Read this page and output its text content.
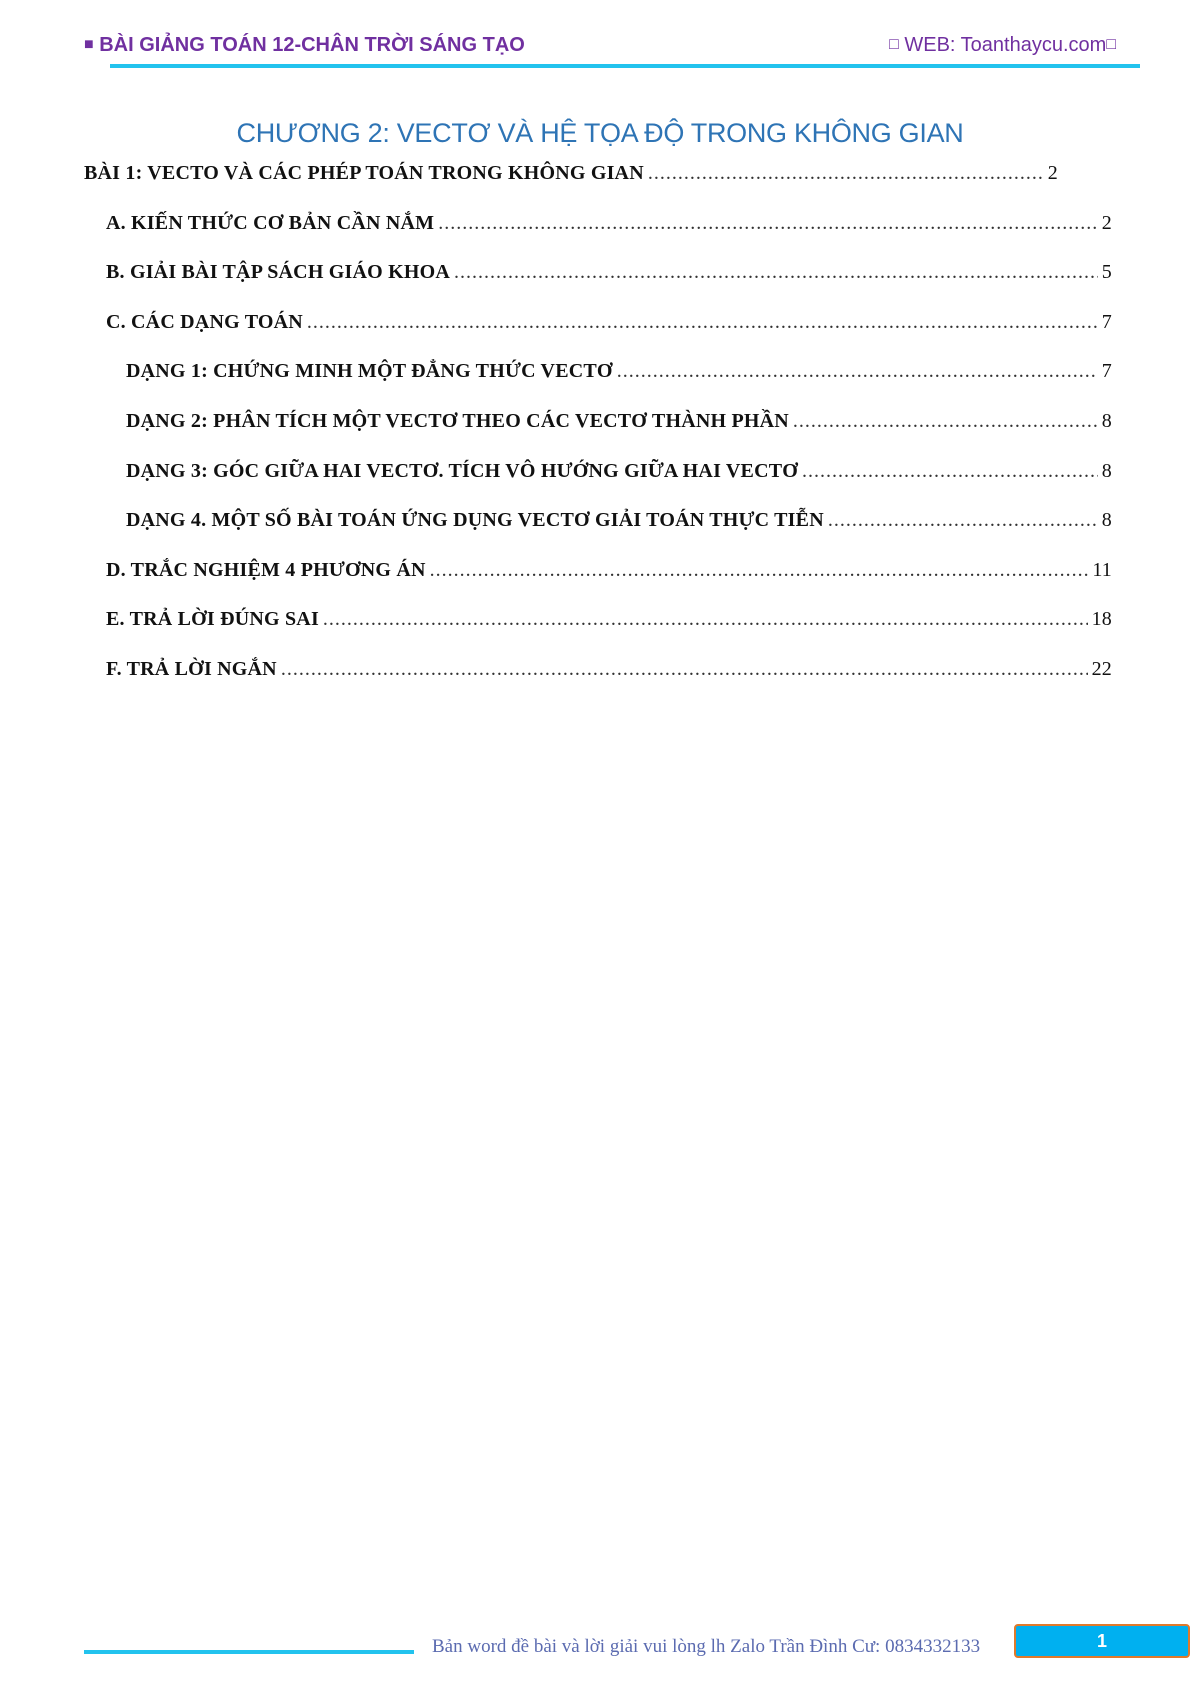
■ BÀI GIẢNG TOÁN 12-CHÂN TRỜI SÁNG TẠO	□ WEB: Toanthaycu.com□
CHƯƠNG 2: VECTƠ VÀ HỆ TỌA ĐỘ TRONG KHÔNG GIAN
BÀI 1: VECTO VÀ CÁC PHÉP TOÁN TRONG KHÔNG GIAN .....	2
A. KIẾN THỨC CƠ BẢN CẦN NẮM .....	2
B. GIẢI BÀI TẬP SÁCH GIÁO KHOA .....	5
C. CÁC DẠNG TOÁN .....	7
DẠNG 1: CHỨNG MINH MỘT ĐẲNG THỨC VECTƠ .....	7
DẠNG 2: PHÂN TÍCH MỘT VECTƠ THEO CÁC VECTƠ THÀNH PHẦN .....	8
DẠNG 3: GÓC GIỮA HAI VECTƠ. TÍCH VÔ HƯỚNG GIỮA HAI VECTƠ .....	8
DẠNG 4. MỘT SỐ BÀI TOÁN ỨNG DỤNG VECTƠ GIẢI TOÁN THỰC TIỄN .....	8
D. TRẮC NGHIỆM 4 PHƯƠNG ÁN .....	11
E. TRẢ LỜI ĐÚNG SAI .....	18
F. TRẢ LỜI NGẮN .....	22
Bản word đề bài và lời giải vui lòng lh Zalo Trần Đình Cư: 0834332133	1
